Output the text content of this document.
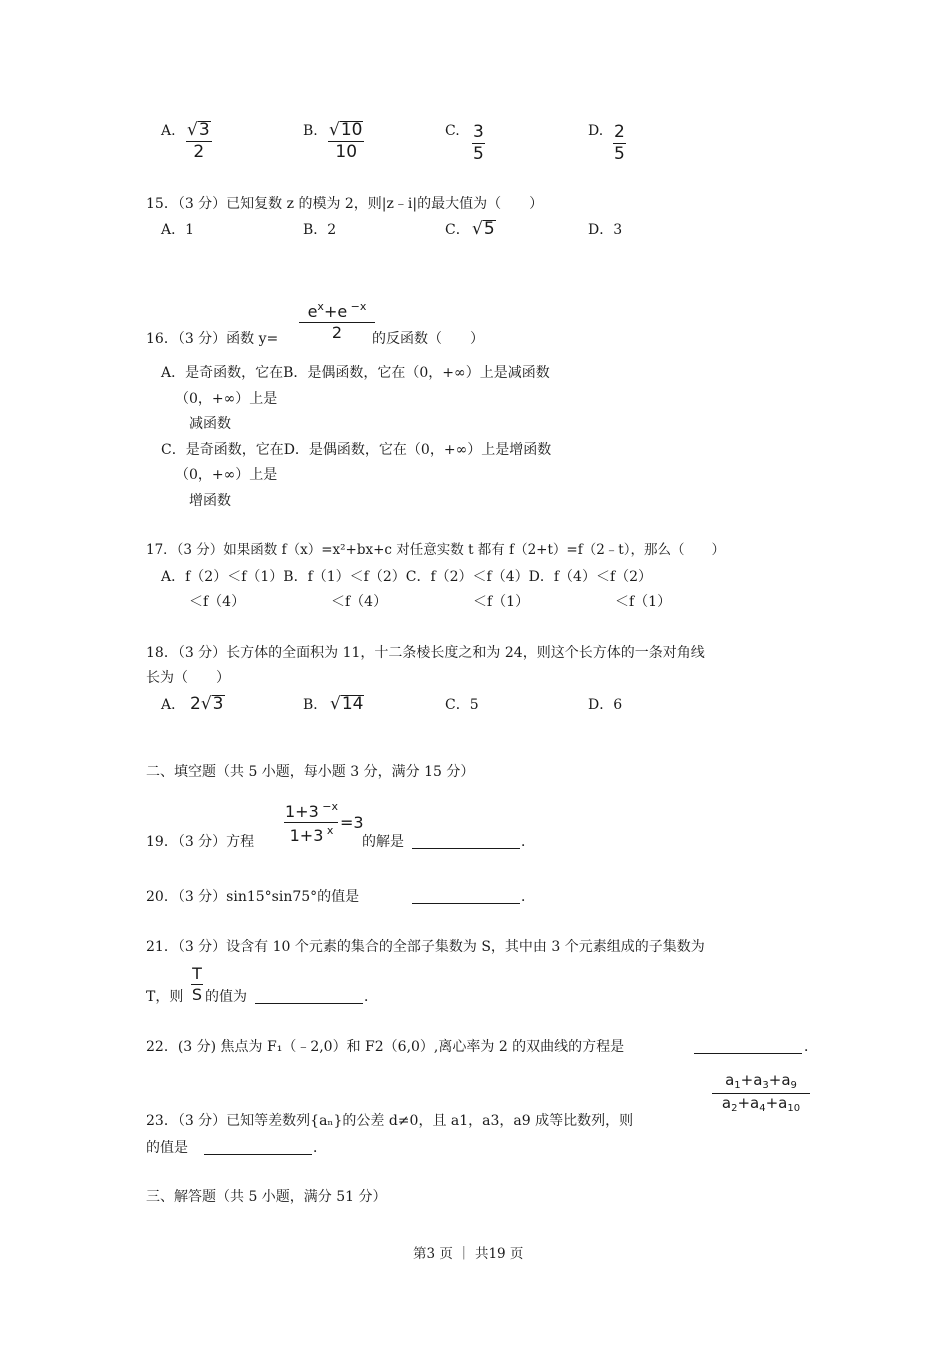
A. √3
2
B. √10
10
C. 3
5
D. 2
5
15．（3 分）已知复数 z 的模为 2，则|z﹣i|的最大值为（　　）
A．1	B．2	C． √5	D．3
16．（3 分）函数 y=
$e^x+e$ $^{-x}$
2	的反函数（　　）
A．是奇函数，它在B．是偶函数，它在（0，+∞）上是减函数
（0，+∞）上是
减函数
C．是奇函数，它在D．是偶函数，它在（0，+∞）上是增函数
（0，+∞）上是
增函数
17．（3 分）如果函数 f（x）=x²+bx+c 对任意实数 t 都有 f（2+t）=f（2﹣t），那么（　　）
A．f（2）＜f（1）B．f（1）＜f（2）C．f（2）＜f（4）D．f（4）＜f（2）
＜f（4）	＜f（4）	＜f（1）	＜f（1）
18．（3 分）长方体的全面积为 11，十二条棱长度之和为 24，则这个长方体的一条对角线
长为（　　）
A． 2√3	B． √14	C．5	D．6
二、填空题（共 5 小题，每小题 3 分，满分 15 分）
19．（3 分）方程
1+3 $^{-x}$
1+3 $^x$ =3
的解是	．
20．（3 分）sin15°sin75°的值是	．
21．（3 分）设含有 10 个元素的集合的全部子集数为 S，其中由 3 个元素组成的子集数为
T，则
T
S 的值为	．
22．(3 分) 焦点为 F₁（﹣2,0）和 F2（6,0）,离心率为 2 的双曲线的方程是	．
$a_1+a_3+a_9$
$a_2+a_4+a_{10}$
23．（3 分）已知等差数列{aₙ}的公差 d≠0，且 a1，a3，a9 成等比数列，则
的值是	．
三、解答题（共 5 小题，满分 51 分）
第3 页 ｜ 共19 页
